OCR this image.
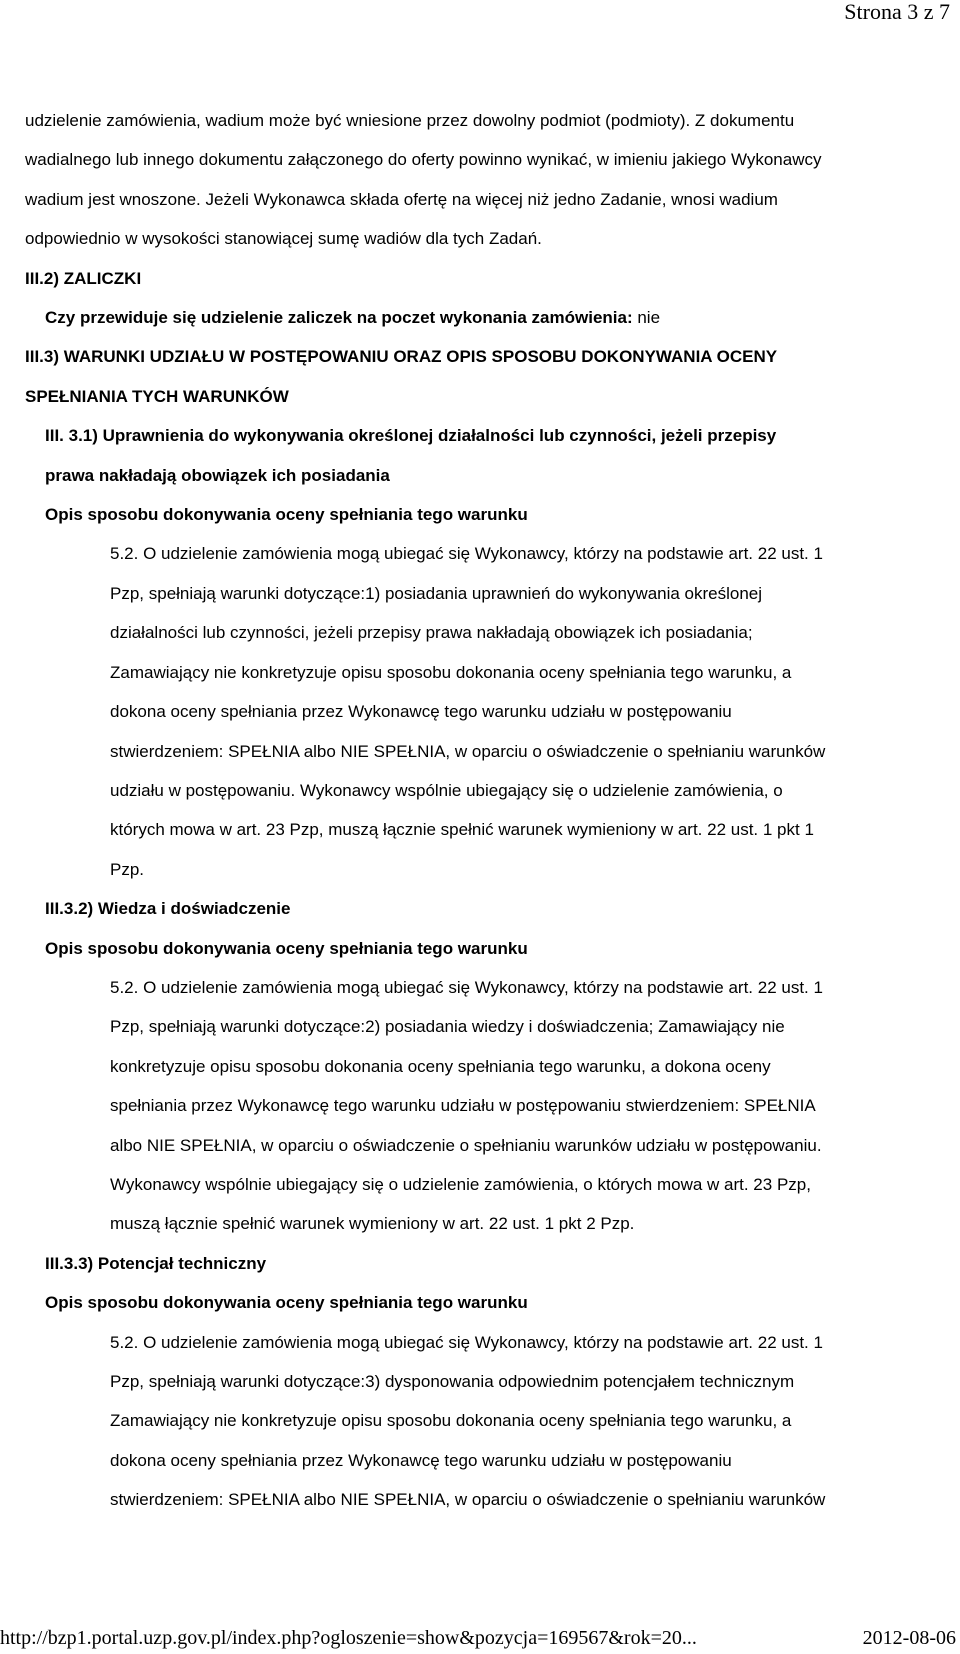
Strona 3 z 7

udzielenie zamówienia, wadium może być wniesione przez dowolny podmiot (podmioty). Z dokumentu

wadialnego lub innego dokumentu załączonego do oferty powinno wynikać, w imieniu jakiego Wykonawcy

wadium jest wnoszone. Jeżeli Wykonawca składa ofertę na więcej niż jedno Zadanie, wnosi wadium

odpowiednio w wysokości stanowiącej sumę wadiów dla tych Zadań.

III.2) ZALICZKI

Czy przewiduje się udzielenie zaliczek na poczet wykonania zamówienia: nie

III.3) WARUNKI UDZIAŁU W POSTĘPOWANIU ORAZ OPIS SPOSOBU DOKONYWANIA OCENY

SPEŁNIANIA TYCH WARUNKÓW

III. 3.1) Uprawnienia do wykonywania określonej działalności lub czynności, jeżeli przepisy

prawa nakładają obowiązek ich posiadania

Opis sposobu dokonywania oceny spełniania tego warunku

5.2. O udzielenie zamówienia mogą ubiegać się Wykonawcy, którzy na podstawie art. 22 ust. 1

Pzp, spełniają warunki dotyczące:1) posiadania uprawnień do wykonywania określonej

działalności lub czynności, jeżeli przepisy prawa nakładają obowiązek ich posiadania;

Zamawiający nie konkretyzuje opisu sposobu dokonania oceny spełniania tego warunku, a

dokona oceny spełniania przez Wykonawcę tego warunku udziału w postępowaniu

stwierdzeniem: SPEŁNIA albo NIE SPEŁNIA, w oparciu o oświadczenie o spełnianiu warunków

udziału w postępowaniu. Wykonawcy wspólnie ubiegający się o udzielenie zamówienia, o

których mowa w art. 23 Pzp, muszą łącznie spełnić warunek wymieniony w art. 22 ust. 1 pkt 1

Pzp.

III.3.2) Wiedza i doświadczenie

Opis sposobu dokonywania oceny spełniania tego warunku

5.2. O udzielenie zamówienia mogą ubiegać się Wykonawcy, którzy na podstawie art. 22 ust. 1

Pzp, spełniają warunki dotyczące:2) posiadania wiedzy i doświadczenia; Zamawiający nie

konkretyzuje opisu sposobu dokonania oceny spełniania tego warunku, a dokona oceny

spełniania przez Wykonawcę tego warunku udziału w postępowaniu stwierdzeniem: SPEŁNIA

albo NIE SPEŁNIA, w oparciu o oświadczenie o spełnianiu warunków udziału w postępowaniu.

Wykonawcy wspólnie ubiegający się o udzielenie zamówienia, o których mowa w art. 23 Pzp,

muszą łącznie spełnić warunek wymieniony w art. 22 ust. 1 pkt 2 Pzp.

III.3.3) Potencjał techniczny

Opis sposobu dokonywania oceny spełniania tego warunku

5.2. O udzielenie zamówienia mogą ubiegać się Wykonawcy, którzy na podstawie art. 22 ust. 1

Pzp, spełniają warunki dotyczące:3) dysponowania odpowiednim potencjałem technicznym

Zamawiający nie konkretyzuje opisu sposobu dokonania oceny spełniania tego warunku, a

dokona oceny spełniania przez Wykonawcę tego warunku udziału w postępowaniu

stwierdzeniem: SPEŁNIA albo NIE SPEŁNIA, w oparciu o oświadczenie o spełnianiu warunków

http://bzp1.portal.uzp.gov.pl/index.php?ogloszenie=show&pozycja=169567&rok=20...	2012-08-06
